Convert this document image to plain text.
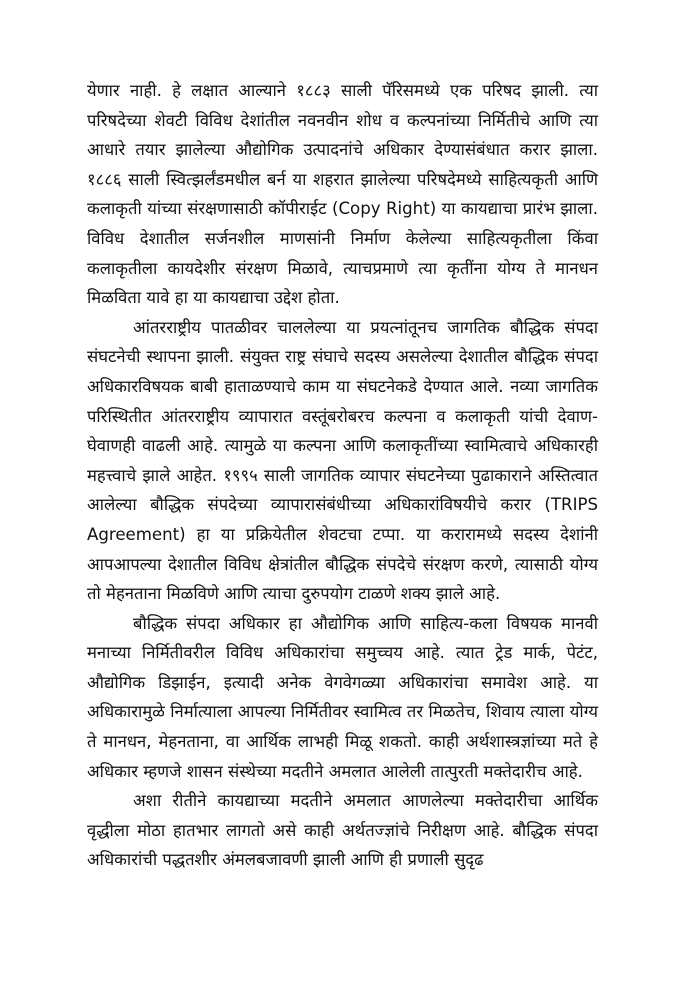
येणार नाही. हे लक्षात आल्याने १८८३ साली पॅरिसमध्ये एक परिषद झाली. त्या परिषदेच्या शेवटी विविध देशांतील नवनवीन शोध व कल्पनांच्या निर्मितीचे आणि त्या आधारे तयार झालेल्या औद्योगिक उत्पादनांचे अधिकार देण्यासंबंधात करार झाला. १८८६ साली स्वित्झर्लंडमधील बर्न या शहरात झालेल्या परिषदेमध्ये साहित्यकृती आणि कलाकृती यांच्या संरक्षणासाठी कॉपीराईट (Copy Right) या कायद्याचा प्रारंभ झाला. विविध देशातील सर्जनशील माणसांनी निर्माण केलेल्या साहित्यकृतीला किंवा कलाकृतीला कायदेशीर संरक्षण मिळावे, त्याचप्रमाणे त्या कृतींना योग्य ते मानधन मिळविता यावे हा या कायद्याचा उद्देश होता.

आंतरराष्ट्रीय पातळीवर चाललेल्या या प्रयत्नांतूनच जागतिक बौद्धिक संपदा संघटनेची स्थापना झाली. संयुक्त राष्ट्र संघाचे सदस्य असलेल्या देशातील बौद्धिक संपदा अधिकारविषयक बाबी हाताळण्याचे काम या संघटनेकडे देण्यात आले. नव्या जागतिक परिस्थितीत आंतरराष्ट्रीय व्यापारात वस्तूंबरोबरच कल्पना व कलाकृती यांची देवाण-घेवाणही वाढली आहे. त्यामुळे या कल्पना आणि कलाकृतींच्या स्वामित्वाचे अधिकारही महत्त्वाचे झाले आहेत. १९९५ साली जागतिक व्यापार संघटनेच्या पुढाकाराने अस्तित्वात आलेल्या बौद्धिक संपदेच्या व्यापारासंबंधीच्या अधिकारांविषयीचे करार (TRIPS Agreement) हा या प्रक्रियेतील शेवटचा टप्पा. या करारामध्ये सदस्य देशांनी आपआपल्या देशातील विविध क्षेत्रांतील बौद्धिक संपदेचे संरक्षण करणे, त्यासाठी योग्य तो मेहनताना मिळविणे आणि त्याचा दुरुपयोग टाळणे शक्य झाले आहे.

बौद्धिक संपदा अधिकार हा औद्योगिक आणि साहित्य-कला विषयक मानवी मनाच्या निर्मितीवरील विविध अधिकारांचा समुच्चय आहे. त्यात ट्रेड मार्क, पेटंट, औद्योगिक डिझाईन, इत्यादी अनेक वेगवेगळ्या अधिकारांचा समावेश आहे. या अधिकारामुळे निर्मात्याला आपल्या निर्मितीवर स्वामित्व तर मिळतेच, शिवाय त्याला योग्य ते मानधन, मेहनताना, वा आर्थिक लाभही मिळू शकतो. काही अर्थशास्त्रज्ञांच्या मते हे अधिकार म्हणजे शासन संस्थेच्या मदतीने अमलात आलेली तात्पुरती मक्तेदारीच आहे.

अशा रीतीने कायद्याच्या मदतीने अमलात आणलेल्या मक्तेदारीचा आर्थिक वृद्धीला मोठा हातभार लागतो असे काही अर्थतज्ज्ञांचे निरीक्षण आहे. बौद्धिक संपदा अधिकारांची पद्धतशीर अंमलबजावणी झाली आणि ही प्रणाली सुदृढ
